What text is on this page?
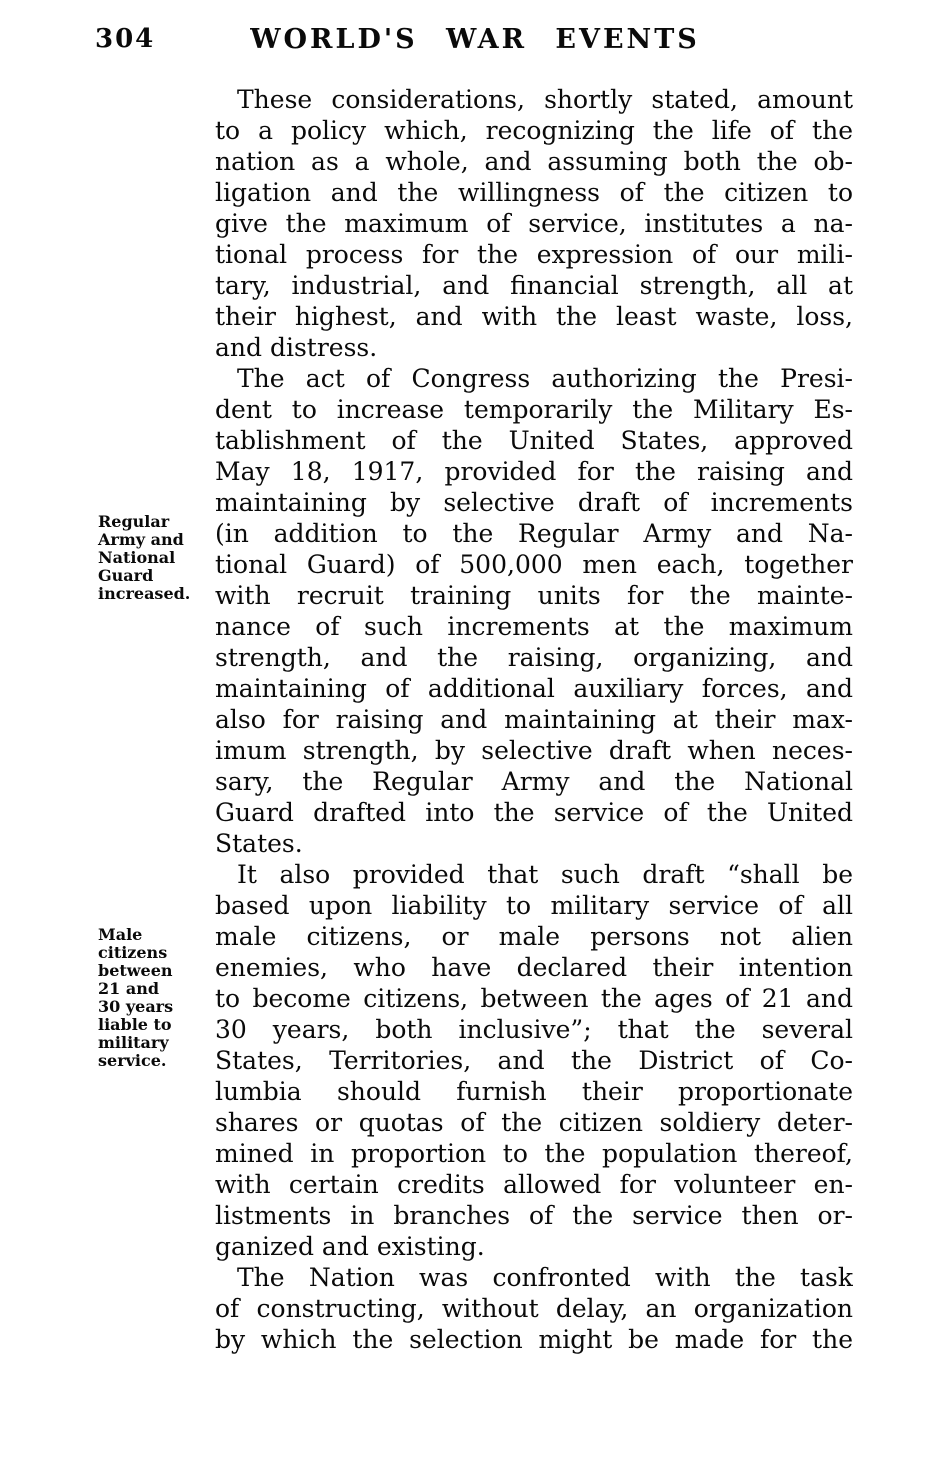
304	WORLD'S WAR EVENTS
Regular Army and National Guard increased.
Male citizens between 21 and 30 years liable to military service.
These considerations, shortly stated, amount
to a policy which, recognizing the life of the
nation as a whole, and assuming both the ob-
ligation and the willingness of the citizen to
give the maximum of service, institutes a na-
tional process for the expression of our mili-
tary, industrial, and financial strength, all at
their highest, and with the least waste, loss,
and distress.
The act of Congress authorizing the Presi-
dent to increase temporarily the Military Es-
tablishment of the United States, approved
May 18, 1917, provided for the raising and
maintaining by selective draft of increments
(in addition to the Regular Army and Na-
tional Guard) of 500,000 men each, together
with recruit training units for the mainte-
nance of such increments at the maximum
strength, and the raising, organizing, and
maintaining of additional auxiliary forces, and
also for raising and maintaining at their max-
imum strength, by selective draft when neces-
sary, the Regular Army and the National
Guard drafted into the service of the United
States.
It also provided that such draft “shall be
based upon liability to military service of all
male citizens, or male persons not alien
enemies, who have declared their intention
to become citizens, between the ages of 21 and
30 years, both inclusive”; that the several
States, Territories, and the District of Co-
lumbia should furnish their proportionate
shares or quotas of the citizen soldiery deter-
mined in proportion to the population thereof,
with certain credits allowed for volunteer en-
listments in branches of the service then or-
ganized and existing.
The Nation was confronted with the task
of constructing, without delay, an organization
by which the selection might be made for the
